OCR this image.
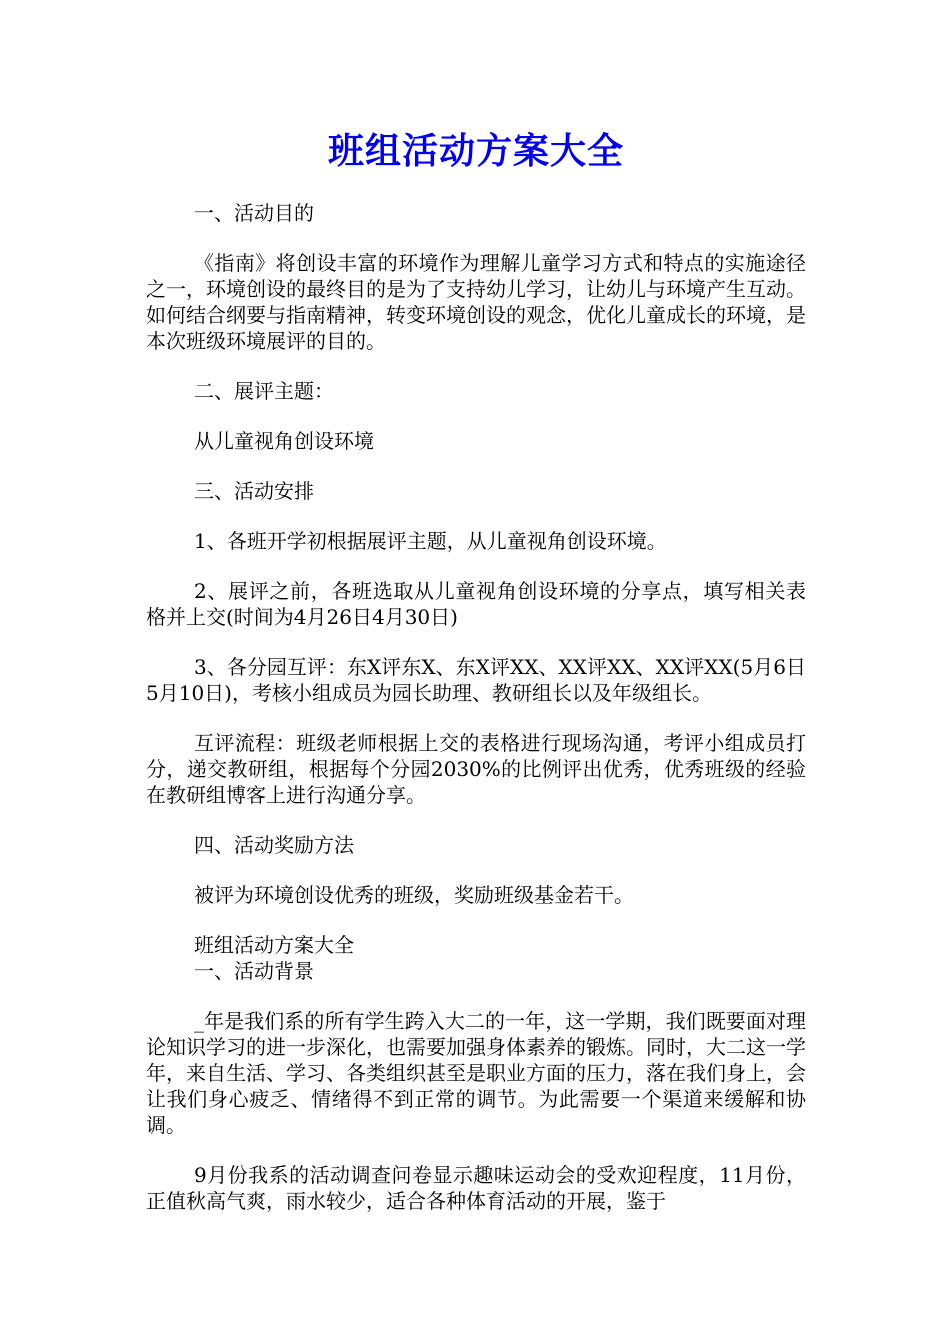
班组活动方案大全

一、活动目的

《指南》将创设丰富的环境作为理解儿童学习方式和特点的实施途径之一，环境创设的最终目的是为了支持幼儿学习，让幼儿与环境产生互动。如何结合纲要与指南精神，转变环境创设的观念，优化儿童成长的环境，是本次班级环境展评的目的。

二、展评主题：

从儿童视角创设环境

三、活动安排

1、各班开学初根据展评主题，从儿童视角创设环境。

2、展评之前，各班选取从儿童视角创设环境的分享点，填写相关表格并上交(时间为4月26日4月30日)

3、各分园互评：东X评东X、东X评XX、XX评XX、XX评XX(5月6日5月10日)，考核小组成员为园长助理、教研组长以及年级组长。

互评流程：班级老师根据上交的表格进行现场沟通，考评小组成员打分，递交教研组，根据每个分园2030%的比例评出优秀，优秀班级的经验在教研组博客上进行沟通分享。

四、活动奖励方法

被评为环境创设优秀的班级，奖励班级基金若干。

班组活动方案大全

一、活动背景

_年是我们系的所有学生跨入大二的一年，这一学期，我们既要面对理论知识学习的进一步深化，也需要加强身体素养的锻炼。同时，大二这一学年，来自生活、学习、各类组织甚至是职业方面的压力，落在我们身上，会让我们身心疲乏、情绪得不到正常的调节。为此需要一个渠道来缓解和协调。

9月份我系的活动调查问卷显示趣味运动会的受欢迎程度，11月份，正值秋高气爽，雨水较少，适合各种体育活动的开展，鉴于
